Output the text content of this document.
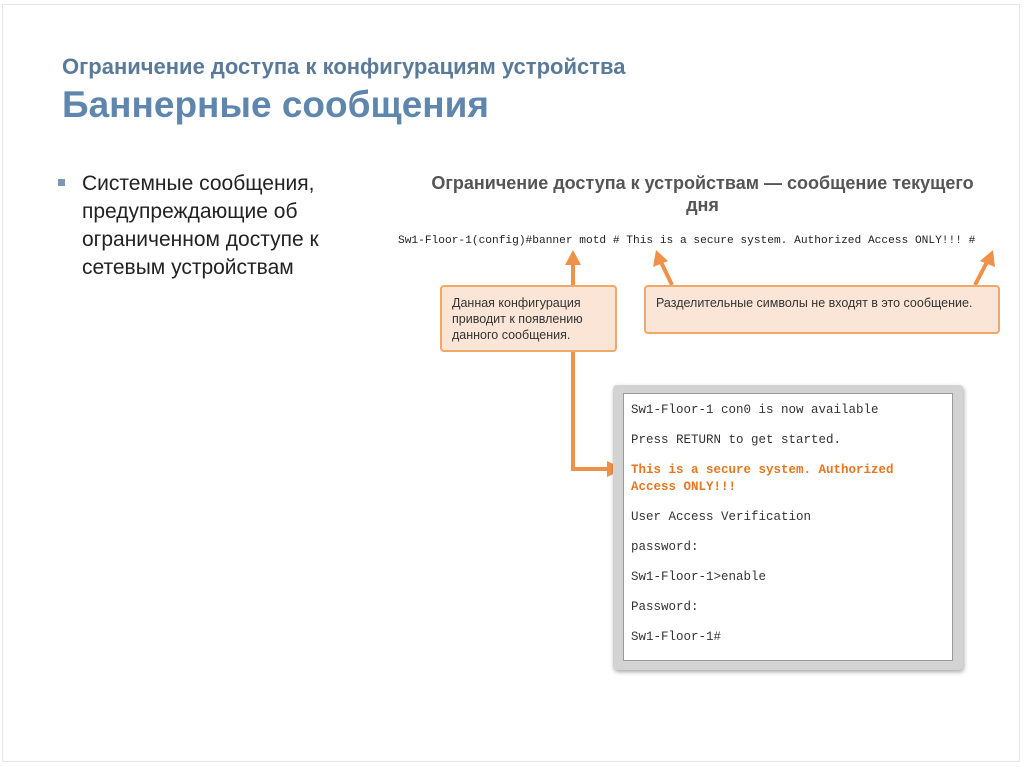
Ограничение доступа к конфигурациям устройства
Баннерные сообщения
Системные сообщения, предупреждающие об ограниченном доступе к сетевым устройствам
Ограничение доступа к устройствам — сообщение текущего дня
Sw1-Floor-1(config)#banner motd # This is a secure system. Authorized Access ONLY!!! #
Данная конфигурация приводит к появлению данного сообщения.
Разделительные символы не входят в это сообщение.
Sw1-Floor-1 con0 is now available
Press RETURN to get started.
This is a secure system. Authorized Access ONLY!!!
User Access Verification
password:
Sw1-Floor-1>enable
Password:
Sw1-Floor-1#
